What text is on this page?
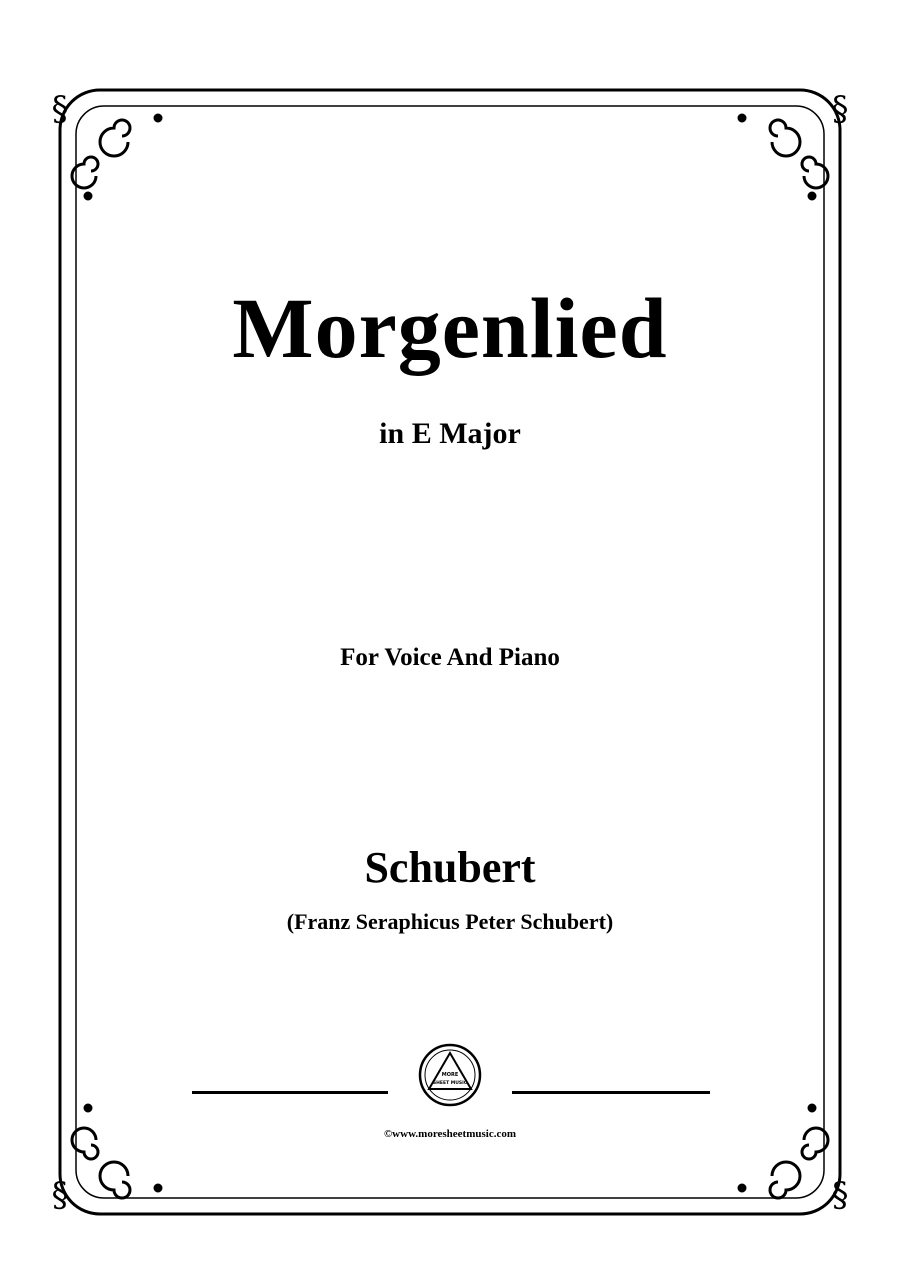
§	§
§	§
Morgenlied
in E Major
For Voice And Piano
Schubert
(Franz Seraphicus Peter Schubert)
MORE
SHEET MUSIC
©www.moresheetmusic.com
